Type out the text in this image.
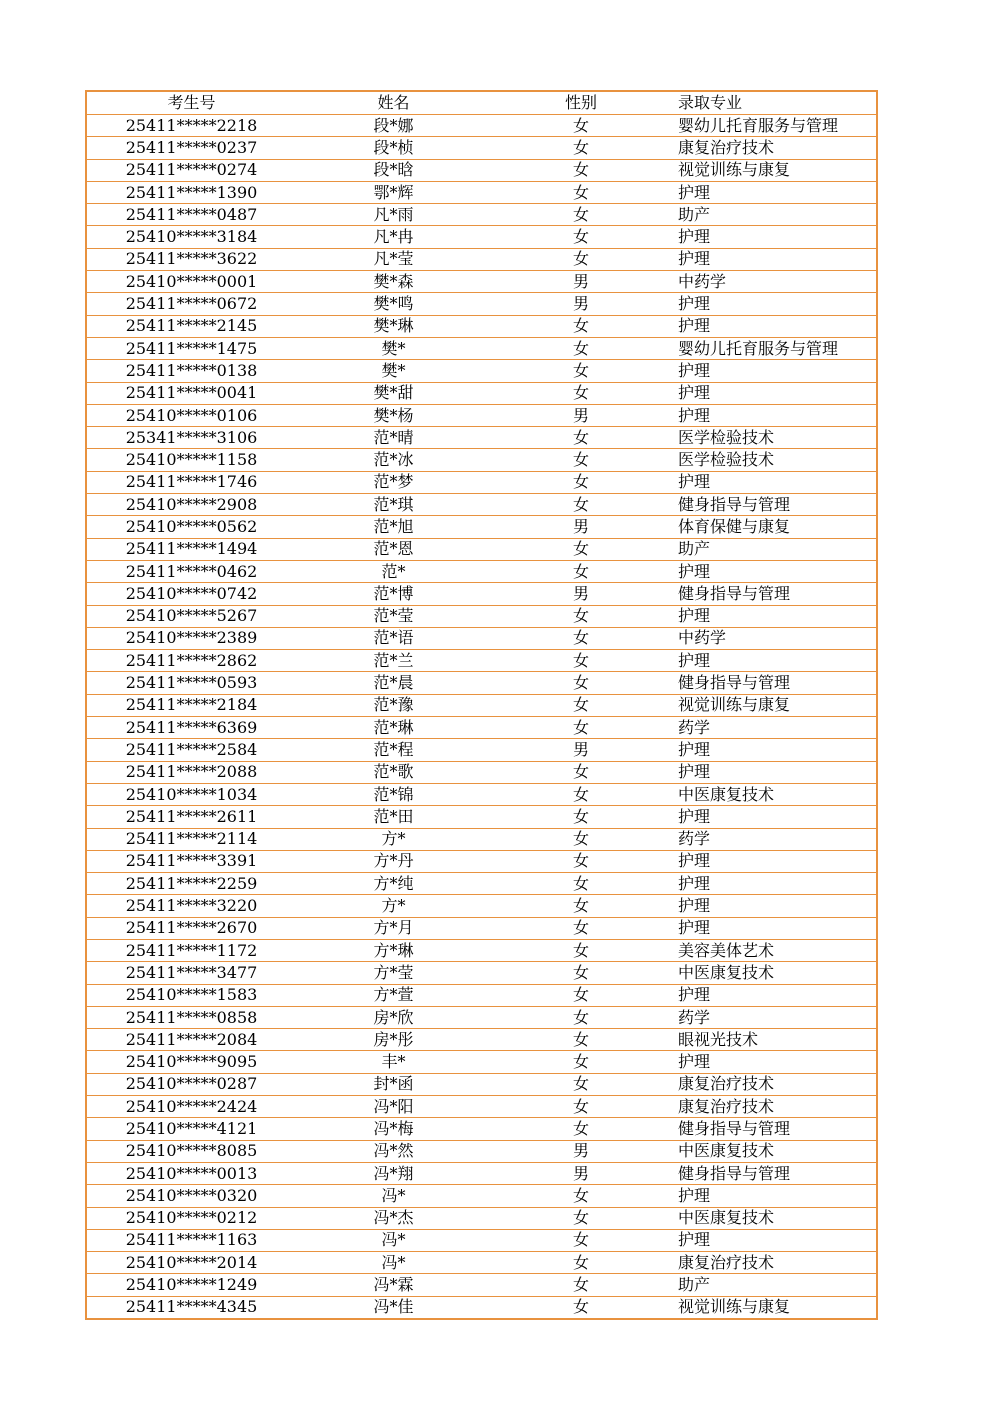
考生号	姓名	性别	录取专业
25411*****2218	段*娜	女	婴幼儿托育服务与管理
25411*****0237	段*桢	女	康复治疗技术
25411*****0274	段*晗	女	视觉训练与康复
25411*****1390	鄂*辉	女	护理
25411*****0487	凡*雨	女	助产
25410*****3184	凡*冉	女	护理
25411*****3622	凡*莹	女	护理
25410*****0001	樊*森	男	中药学
25411*****0672	樊*鸣	男	护理
25411*****2145	樊*琳	女	护理
25411*****1475	樊*	女	婴幼儿托育服务与管理
25411*****0138	樊*	女	护理
25411*****0041	樊*甜	女	护理
25410*****0106	樊*杨	男	护理
25341*****3106	范*晴	女	医学检验技术
25410*****1158	范*冰	女	医学检验技术
25411*****1746	范*梦	女	护理
25410*****2908	范*琪	女	健身指导与管理
25410*****0562	范*旭	男	体育保健与康复
25411*****1494	范*恩	女	助产
25411*****0462	范*	女	护理
25410*****0742	范*博	男	健身指导与管理
25410*****5267	范*莹	女	护理
25410*****2389	范*语	女	中药学
25411*****2862	范*兰	女	护理
25411*****0593	范*晨	女	健身指导与管理
25411*****2184	范*豫	女	视觉训练与康复
25411*****6369	范*琳	女	药学
25411*****2584	范*程	男	护理
25411*****2088	范*歌	女	护理
25410*****1034	范*锦	女	中医康复技术
25411*****2611	范*田	女	护理
25411*****2114	方*	女	药学
25411*****3391	方*丹	女	护理
25411*****2259	方*纯	女	护理
25411*****3220	方*	女	护理
25411*****2670	方*月	女	护理
25411*****1172	方*琳	女	美容美体艺术
25411*****3477	方*莹	女	中医康复技术
25410*****1583	方*萱	女	护理
25411*****0858	房*欣	女	药学
25411*****2084	房*彤	女	眼视光技术
25410*****9095	丰*	女	护理
25410*****0287	封*函	女	康复治疗技术
25410*****2424	冯*阳	女	康复治疗技术
25410*****4121	冯*梅	女	健身指导与管理
25410*****8085	冯*然	男	中医康复技术
25410*****0013	冯*翔	男	健身指导与管理
25410*****0320	冯*	女	护理
25410*****0212	冯*杰	女	中医康复技术
25411*****1163	冯*	女	护理
25410*****2014	冯*	女	康复治疗技术
25410*****1249	冯*霖	女	助产
25411*****4345	冯*佳	女	视觉训练与康复
